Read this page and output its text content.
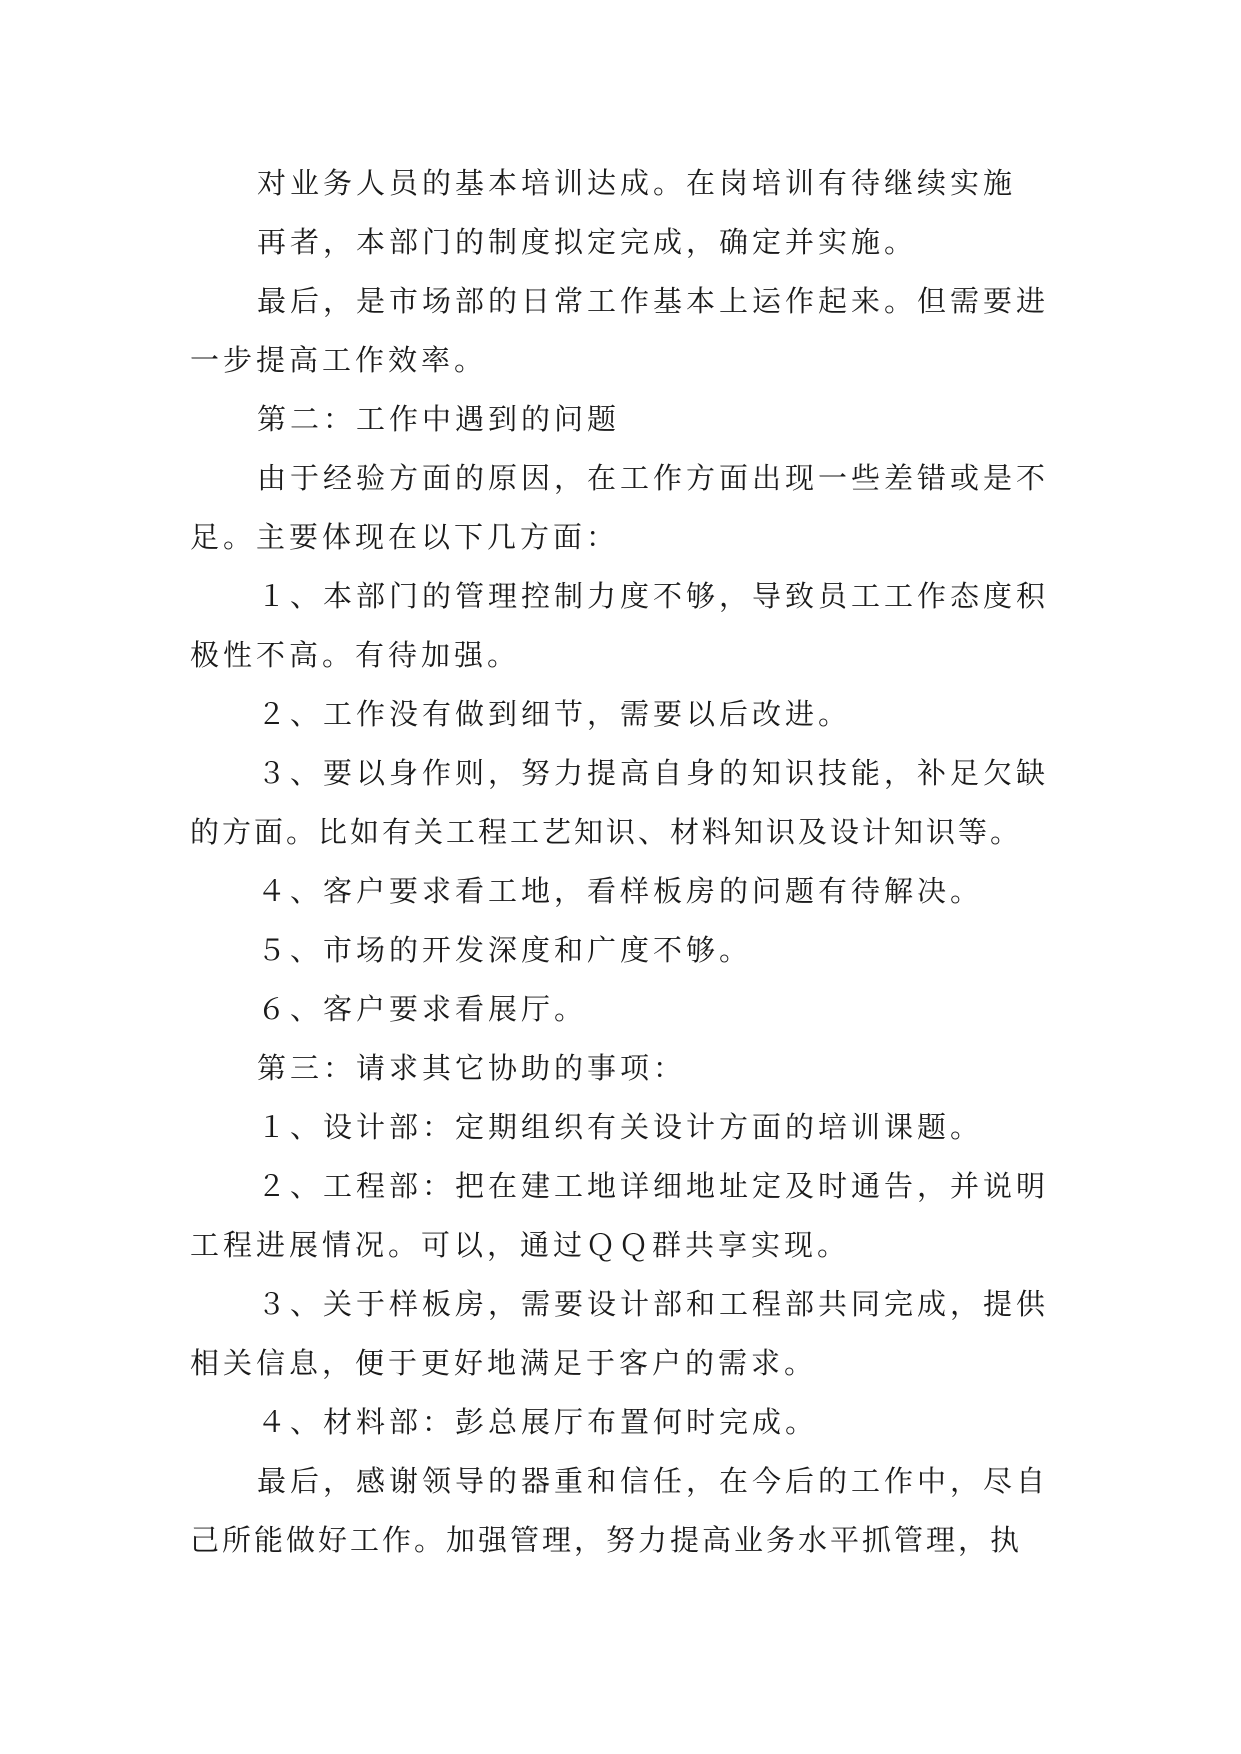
对业务人员的基本培训达成。在岗培训有待继续实施
再者，本部门的制度拟定完成，确定并实施。
最后，是市场部的日常工作基本上运作起来。但需要进
一步提高工作效率。
第二：工作中遇到的问题
由于经验方面的原因，在工作方面出现一些差错或是不
足。主要体现在以下几方面：
１、本部门的管理控制力度不够，导致员工工作态度积
极性不高。有待加强。
２、工作没有做到细节，需要以后改进。
３、要以身作则，努力提高自身的知识技能，补足欠缺
的方面。比如有关工程工艺知识、材料知识及设计知识等。
４、客户要求看工地，看样板房的问题有待解决。
５、市场的开发深度和广度不够。
６、客户要求看展厅。
第三：请求其它协助的事项：
１、设计部：定期组织有关设计方面的培训课题。
２、工程部：把在建工地详细地址定及时通告，并说明
工程进展情况。可以，通过ＱＱ群共享实现。
３、关于样板房，需要设计部和工程部共同完成，提供
相关信息，便于更好地满足于客户的需求。
４、材料部：彭总展厅布置何时完成。
最后，感谢领导的器重和信任，在今后的工作中，尽自
己所能做好工作。加强管理，努力提高业务水平抓管理，执
